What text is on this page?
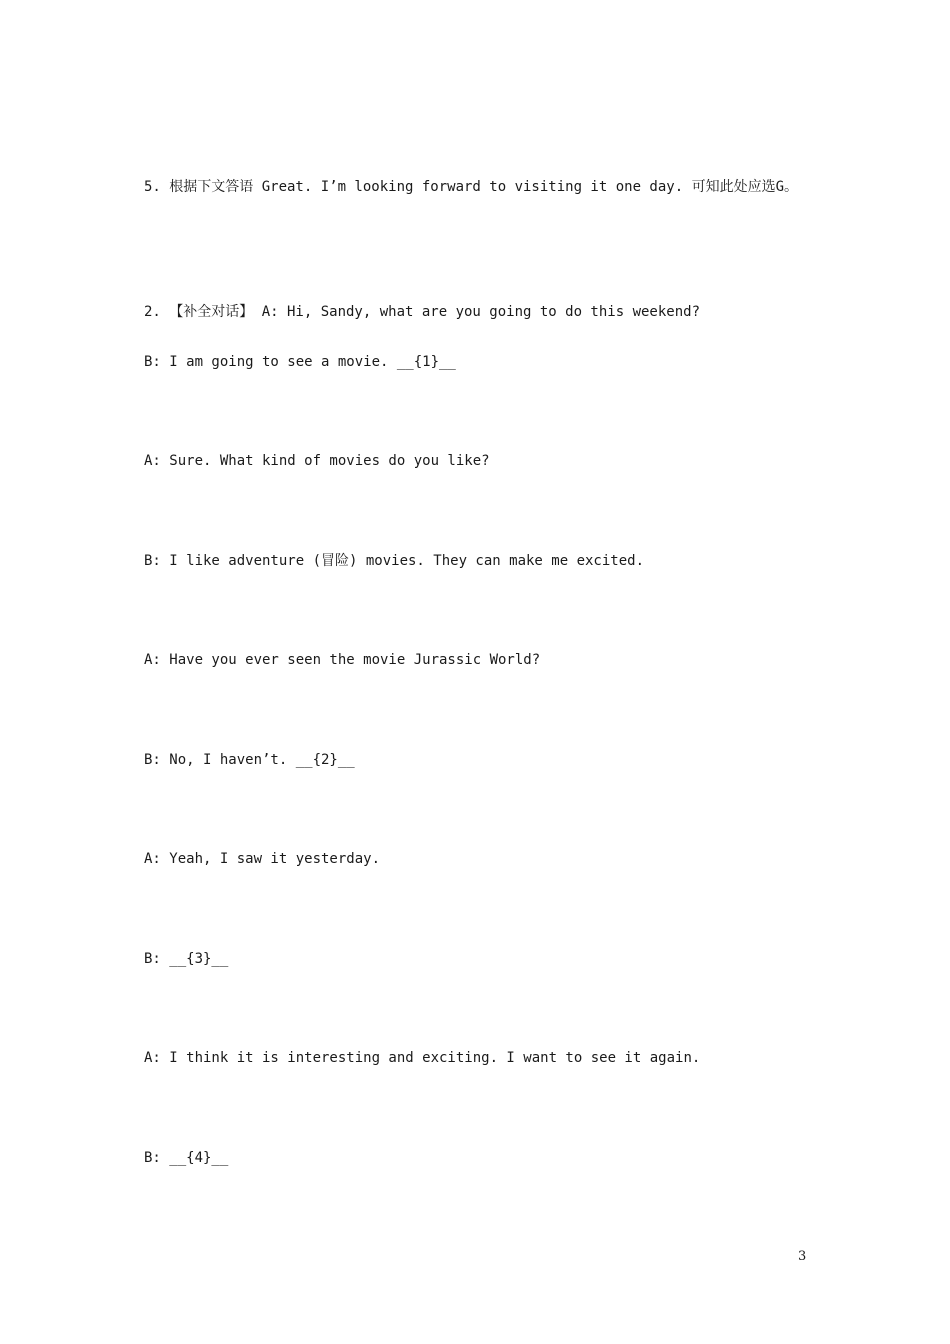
5. 根据下文答语 Great. I’m looking forward to visiting it one day. 可知此处应选G。
2. 【补全对话】 A: Hi, Sandy, what are you going to do this weekend?
B: I am going to see a movie. __{1}__
A: Sure. What kind of movies do you like?
B: I like adventure (冒险) movies. They can make me excited.
A: Have you ever seen the movie Jurassic World?
B: No, I haven’t. __{2}__
A: Yeah, I saw it yesterday.
B: __{3}__
A: I think it is interesting and exciting. I want to see it again.
B: __{4}__
3
